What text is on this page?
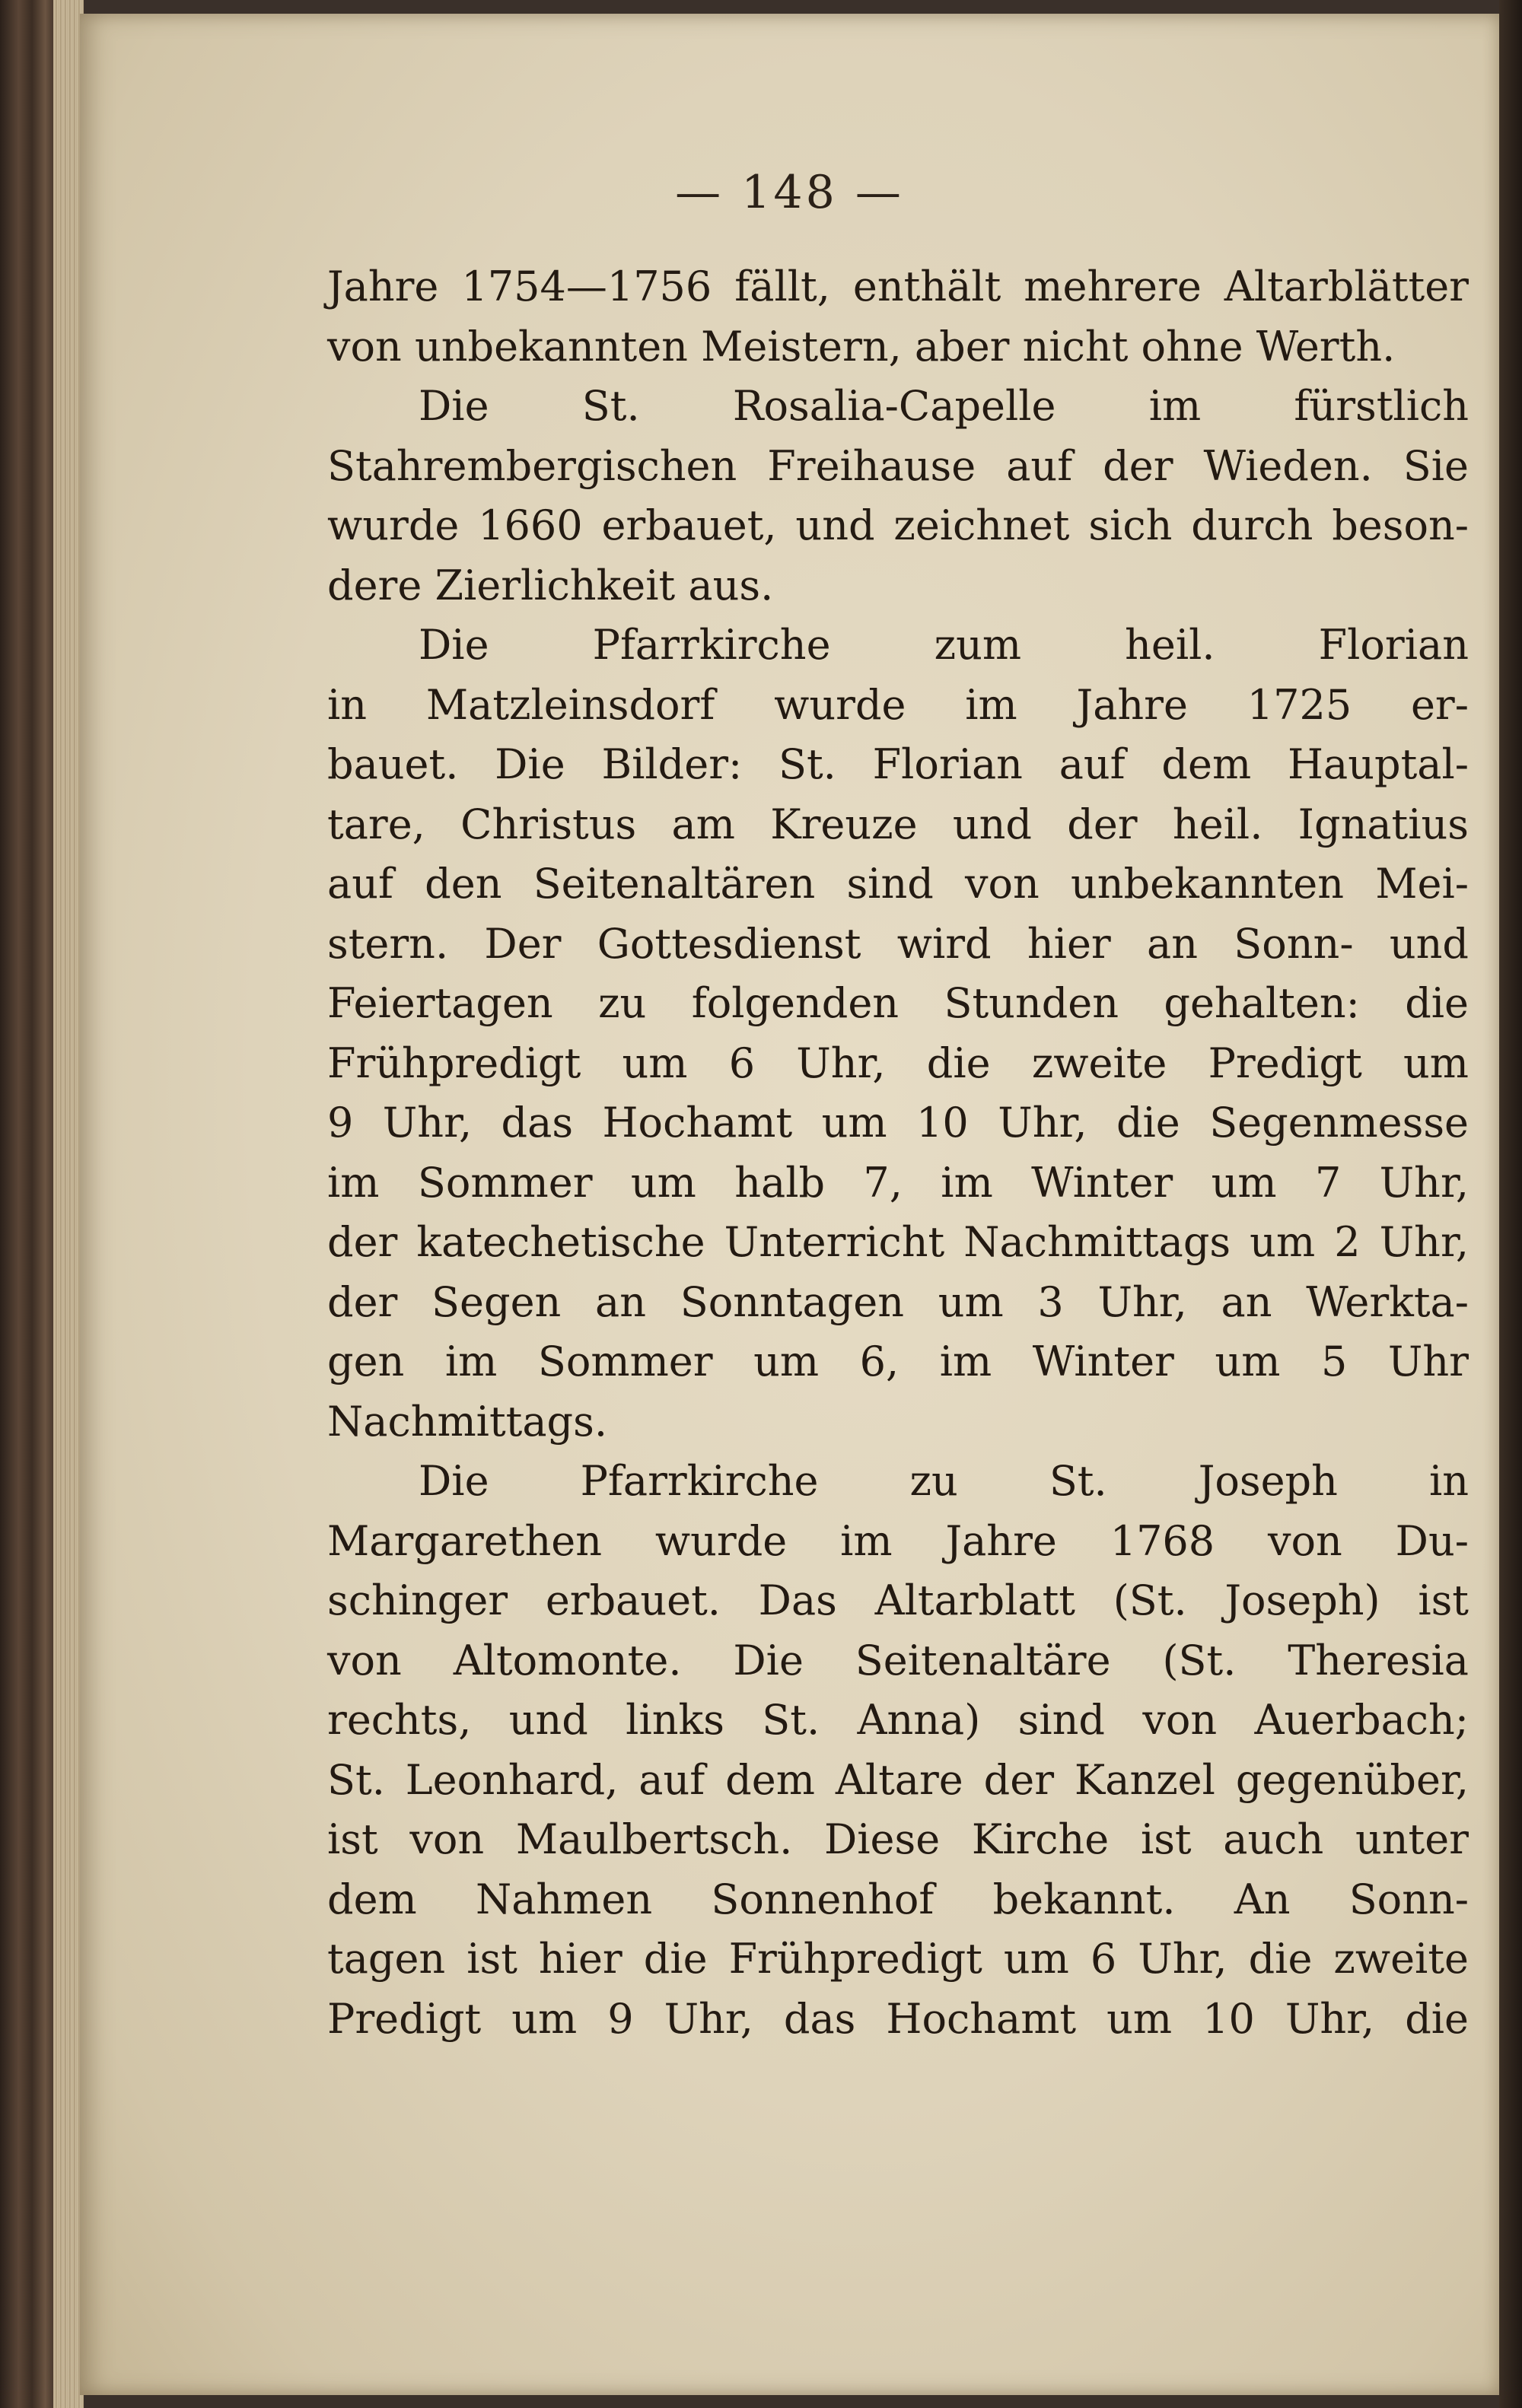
— 148 —
Jahre 1754—1756 fällt, enthält mehrere Altarblätter
von unbekannten Meistern, aber nicht ohne Werth.
Die St. Rosalia-Capelle im fürstlich
Stahrembergischen Freihause auf der Wieden. Sie
wurde 1660 erbauet, und zeichnet sich durch beson-
dere Zierlichkeit aus.
Die Pfarrkirche zum heil. Florian
in Matzleinsdorf wurde im Jahre 1725 er-
bauet. Die Bilder: St. Florian auf dem Hauptal-
tare, Christus am Kreuze und der heil. Ignatius
auf den Seitenaltären sind von unbekannten Mei-
stern. Der Gottesdienst wird hier an Sonn- und
Feiertagen zu folgenden Stunden gehalten: die
Frühpredigt um 6 Uhr, die zweite Predigt um
9 Uhr, das Hochamt um 10 Uhr, die Segenmesse
im Sommer um halb 7, im Winter um 7 Uhr,
der katechetische Unterricht Nachmittags um 2 Uhr,
der Segen an Sonntagen um 3 Uhr, an Werkta-
gen im Sommer um 6, im Winter um 5 Uhr
Nachmittags.
Die Pfarrkirche zu St. Joseph in
Margarethen wurde im Jahre 1768 von Du-
schinger erbauet. Das Altarblatt (St. Joseph) ist
von Altomonte. Die Seitenaltäre (St. Theresia
rechts, und links St. Anna) sind von Auerbach;
St. Leonhard, auf dem Altare der Kanzel gegenüber,
ist von Maulbertsch. Diese Kirche ist auch unter
dem Nahmen Sonnenhof bekannt. An Sonn-
tagen ist hier die Frühpredigt um 6 Uhr, die zweite
Predigt um 9 Uhr, das Hochamt um 10 Uhr, die
